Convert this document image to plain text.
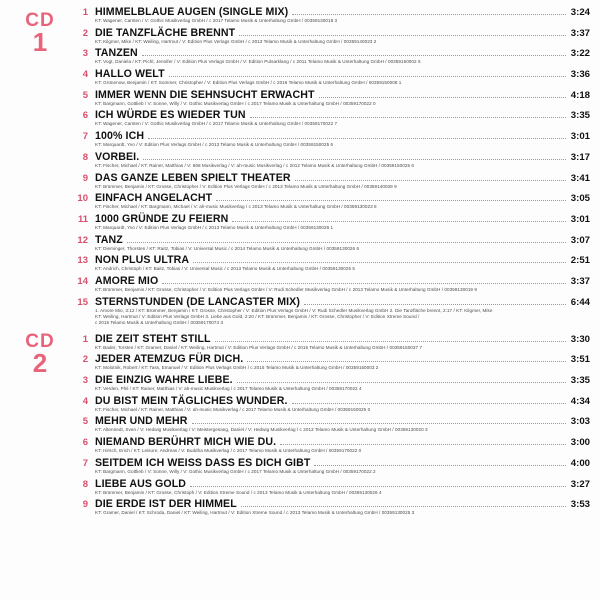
CD
1
1 HIMMELBLAUE AUGEN (SINGLE MIX)	3:24
KT: Wagener, Carsten / V: Gothic Musikverlag GmbH / c 2017 Telamo Musik & Unterhaltung GmbH / 00359130018 3
2 DIE TANZFLÄCHE BRENNT	3:37
KT: Kilgmer, Mike / KT: Weiling, Hartmut / V: Edition Plus Verlags GmbH / c 2013 Telamo Musik & Unterhaltung GmbH / 00359140023 2
3 TANZEN	3:22
KT: Vogt, Daniela / KT: Pichl, Jennifer / V: Edition Plus Verlags GmbH / V: Edition Pulsarklang / c 2011 Telamo Musik & Unterhaltung GmbH / 00359150002 5
4 HALLO WELT	3:36
KT: Grünenow, Benjamin / KT: Sommer, Christopher / V: Edition Plus Verlags GmbH / c 2016 Telamo Musik & Unterhaltung GmbH / 00359150008 1
5 IMMER WENN DIE SEHNSUCHT ERWACHT	4:18
KT: Bargmann, Gottlieb / V: Sonne, Willy / V: Gothic Musikverlag GmbH / c 2017 Telamo Musik & Unterhaltung GmbH / 00359170022 0
6 ICH WÜRDE ES WIEDER TUN	3:35
KT: Wagener, Carsten / V: Gothic Musikverlag GmbH / c 2017 Telamo Musik & Unterhaltung GmbH / 00359170022 7
7 100% ICH	3:01
KT: Marquardt, Yvo / V: Edition Plus Verlags GmbH / c 2013 Telamo Musik & Unterhaltung GmbH / 00359150025 6
8 VORBEI.	3:17
KT: Fischer, Michael / KT: Rainer, Matthias / V: 668 Musikverlag / V: ah-music Musikverlag / c 2012 Telamo Musik & Unterhaltung GmbH / 00359150025 6
9 DAS GANZE LEBEN SPIELT THEATER	3:41
KT: Brümmer, Benjamin / KT: Grosse, Christopher / V: Edition Plus Verlags GmbH / c 2013 Telamo Musik & Unterhaltung GmbH / 00359140039 9
10 EINFACH ANGELACHT	3:05
KT: Fischer, Michael / KT: Bargmann, Michael / V: ah-music Musikverlag / c 2013 Telamo Musik & Unterhaltung GmbH / 00359130023 8
11 1000 GRÜNDE ZU FEIERN	3:01
KT: Marquardt, Yvo / V: Edition Plus Verlags GmbH / c 2013 Telamo Musik & Unterhaltung GmbH / 00359130026 1
12 TANZ	3:07
KT: Dieminger, Thorsten / KT: Raitz, Tobias / V: Universal Music / c 2014 Telamo Musik & Unterhaltung GmbH / 00359130026 6
13 NON PLUS ULTRA	2:51
KT: Andrich, Christoph / KT: Baitz, Tobias / V: Universal Music / c 2013 Telamo Musik & Unterhaltung GmbH / 00359130025 5
14 AMORE MIO	3:37
KT: Brümmer, Benjamin / KT: Grosse, Christopher / V: Edition Plus Verlags GmbH / V: Rudi Schedler Musikverlag GmbH / c 2013 Telamo Musik & Unterhaltung GmbH / 00359130019 9
15 STERNSTUNDEN (DE LANCASTER MIX)	6:44
1. Amore Mio, 3:12 / KT: Brümmer, Benjamin / KT: Grosse, Christopher / V: Edition Plus Verlags GmbH / V: Rudi Schedler Musikverlag GmbH 2. Die Tanzfläche brennt, 2:17 / KT: Kilgmer, Mike
KT: Weiling, Hartmut / V: Edition Plus Verlags GmbH 3. Liebe aus Gold, 2:20 / KT: Brümmer, Benjamin / KT: Grosse, Christopher / V: Edition Xtreme Sound /
c 2015 Telamo Musik & Unterhaltung GmbH / 00359170074 3
CD
2
1 DIE ZEIT STEHT STILL	3:30
KT: Bader, Torsten / KT: Gramer, Daniel / KT: Weiling, Hartmut / V: Edition Plus Verlags GmbH / c 2015 Telamo Musik & Unterhaltung GmbH / 00359150037 7
2 JEDER ATEMZUG FÜR DICH.	3:51
KT: Molotnik, Robert / KT: Tass, Emanuel / V: Edition Plus Verlags GmbH / c 2015 Telamo Musik & Unterhaltung GmbH / 00359150003 2
3 DIE EINZIG WAHRE LIEBE.	3:35
KT: Verden, Phil / KT: Rainer, Matthias / V: ah-music Musikverlag / c 2017 Telamo Musik & Unterhaltung GmbH / 00359170022 4
4 DU BIST MEIN TÄGLICHES WUNDER.	4:34
KT: Fischer, Michael / KT: Rainer, Matthias / V: ah-music Musikverlag / c 2017 Telamo Musik & Unterhaltung GmbH / 00359150025 0
5 MEHR UND MEHR	3:03
KT: Altenriedt, Sven / V: Hedwig Musikverlag / V: Meistergesang, Daniel / V: Hedwig Musikverlag / c 2013 Telamo Musik & Unterhaltung GmbH / 00359130020 3
6 NIEMAND BERÜHRT MICH WIE DU.	3:00
KT: Hirsch, Erich / KT: Leisure, Andreas / V: Buddha Musikverlag / c 2017 Telamo Musik & Unterhaltung GmbH / 00359170022 0
7 SEITDEM ICH WEISS DASS ES DICH GIBT	4:00
KT: Bargmann, Gottlieb / V: Sonne, Willy / V: Gothic Musikverlag GmbH / c 2017 Telamo Musik & Unterhaltung GmbH / 00359170022 2
8 LIEBE AUS GOLD	3:27
KT: Brümmer, Benjamin / KT: Grosse, Christoph / V: Edition Xtreme Sound / c 2013 Telamo Musik & Unterhaltung GmbH / 00359130026 4
9 DIE ERDE IST DER HIMMEL	3:53
KT: Gramer, Daniel / KT: Schroda, Daniel / KT: Weiling, Hartmut / V: Edition Xtreme Sound / c 2013 Telamo Musik & Unterhaltung GmbH / 00359130025 3
